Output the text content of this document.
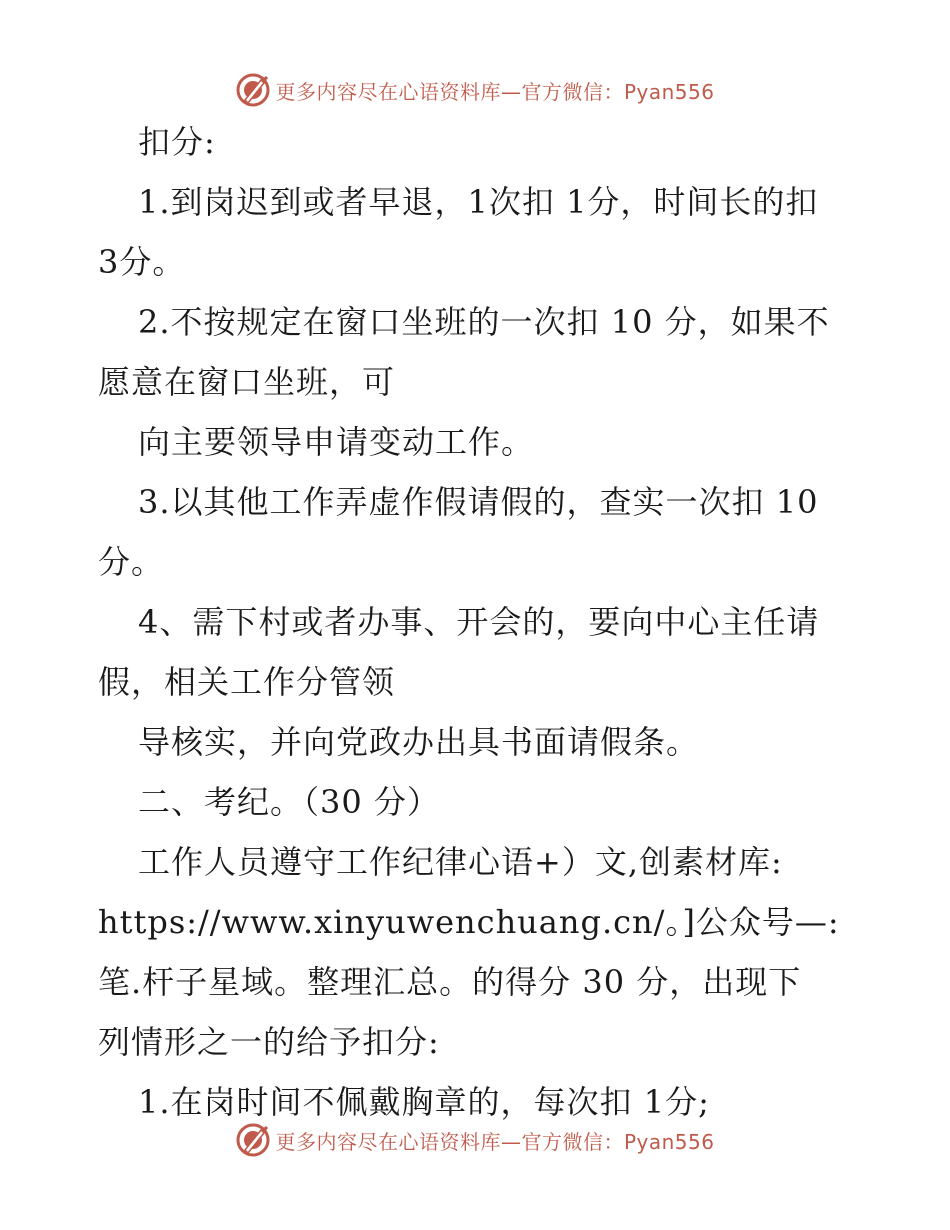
更多内容尽在心语资料库—官方微信：Pyan556
扣分:
1.到岗迟到或者早退，1次扣 1分，时间长的扣
3分。
2.不按规定在窗口坐班的一次扣 10 分，如果不
愿意在窗口坐班，可
向主要领导申请变动工作。
3.以其他工作弄虚作假请假的，查实一次扣 10
分。
4、需下村或者办事、开会的，要向中心主任请
假，相关工作分管领
导核实，并向党政办出具书面请假条。
二、考纪。（30 分）
工作人员遵守工作纪律心语+）文,创素材库:
https://www.xinyuwenchuang.cn/。]公众号—:
笔.杆子星域。整理汇总。的得分 30 分，出现下
列情形之一的给予扣分:
1.在岗时间不佩戴胸章的，每次扣 1分;
更多内容尽在心语资料库—官方微信：Pyan556
